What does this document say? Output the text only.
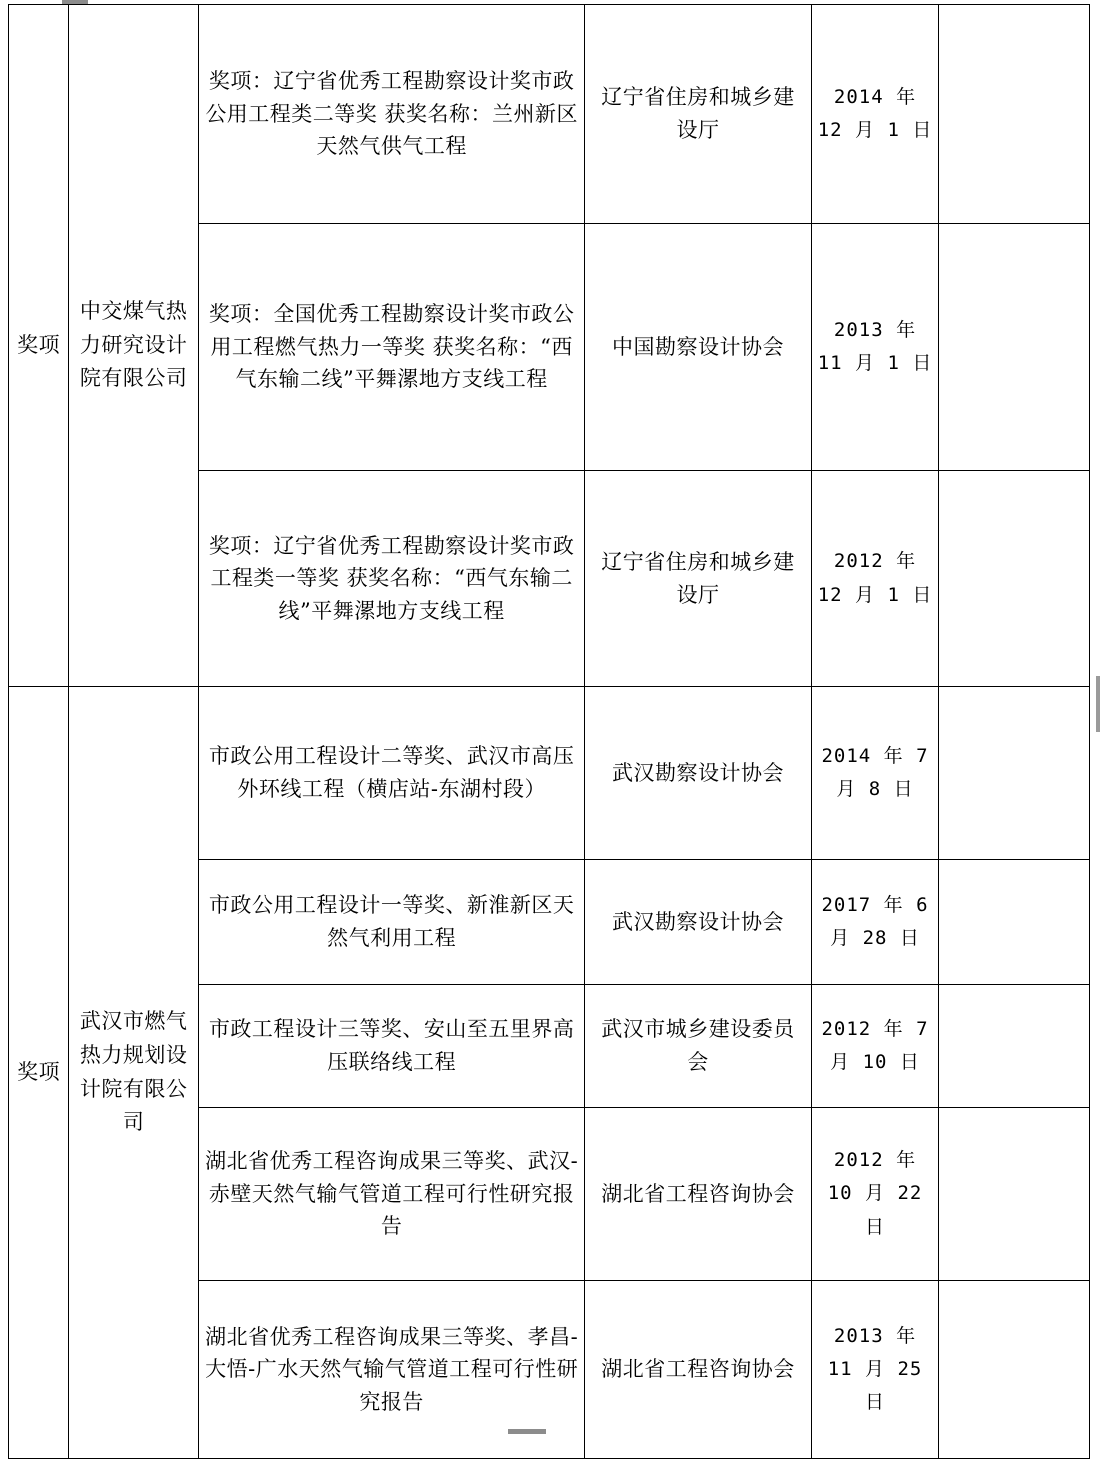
奖项	中交煤气热力研究设计院有限公司	奖项：辽宁省优秀工程勘察设计奖市政公用工程类二等奖 获奖名称：兰州新区天然气供气工程	辽宁省住房和城乡建设厅	2014 年 12 月 1 日	

		奖项：全国优秀工程勘察设计奖市政公用工程燃气热力一等奖 获奖名称：“西气东输二线”平舞漯地方支线工程	中国勘察设计协会	2013 年 11 月 1 日	

		奖项：辽宁省优秀工程勘察设计奖市政工程类一等奖 获奖名称：“西气东输二线”平舞漯地方支线工程	辽宁省住房和城乡建设厅	2012 年 12 月 1 日	

奖项	武汉市燃气热力规划设计院有限公司	市政公用工程设计二等奖、武汉市高压外环线工程（横店站-东湖村段）	武汉勘察设计协会	2014 年 7 月 8 日	

		市政公用工程设计一等奖、新淮新区天然气利用工程	武汉勘察设计协会	2017 年 6 月 28 日	

		市政工程设计三等奖、安山至五里界高压联络线工程	武汉市城乡建设委员会	2012 年 7 月 10 日	

		湖北省优秀工程咨询成果三等奖、武汉-赤壁天然气输气管道工程可行性研究报告	湖北省工程咨询协会	2012 年 10 月 22 日	

		湖北省优秀工程咨询成果三等奖、孝昌-大悟-广水天然气输气管道工程可行性研究报告	湖北省工程咨询协会	2013 年 11 月 25 日	
